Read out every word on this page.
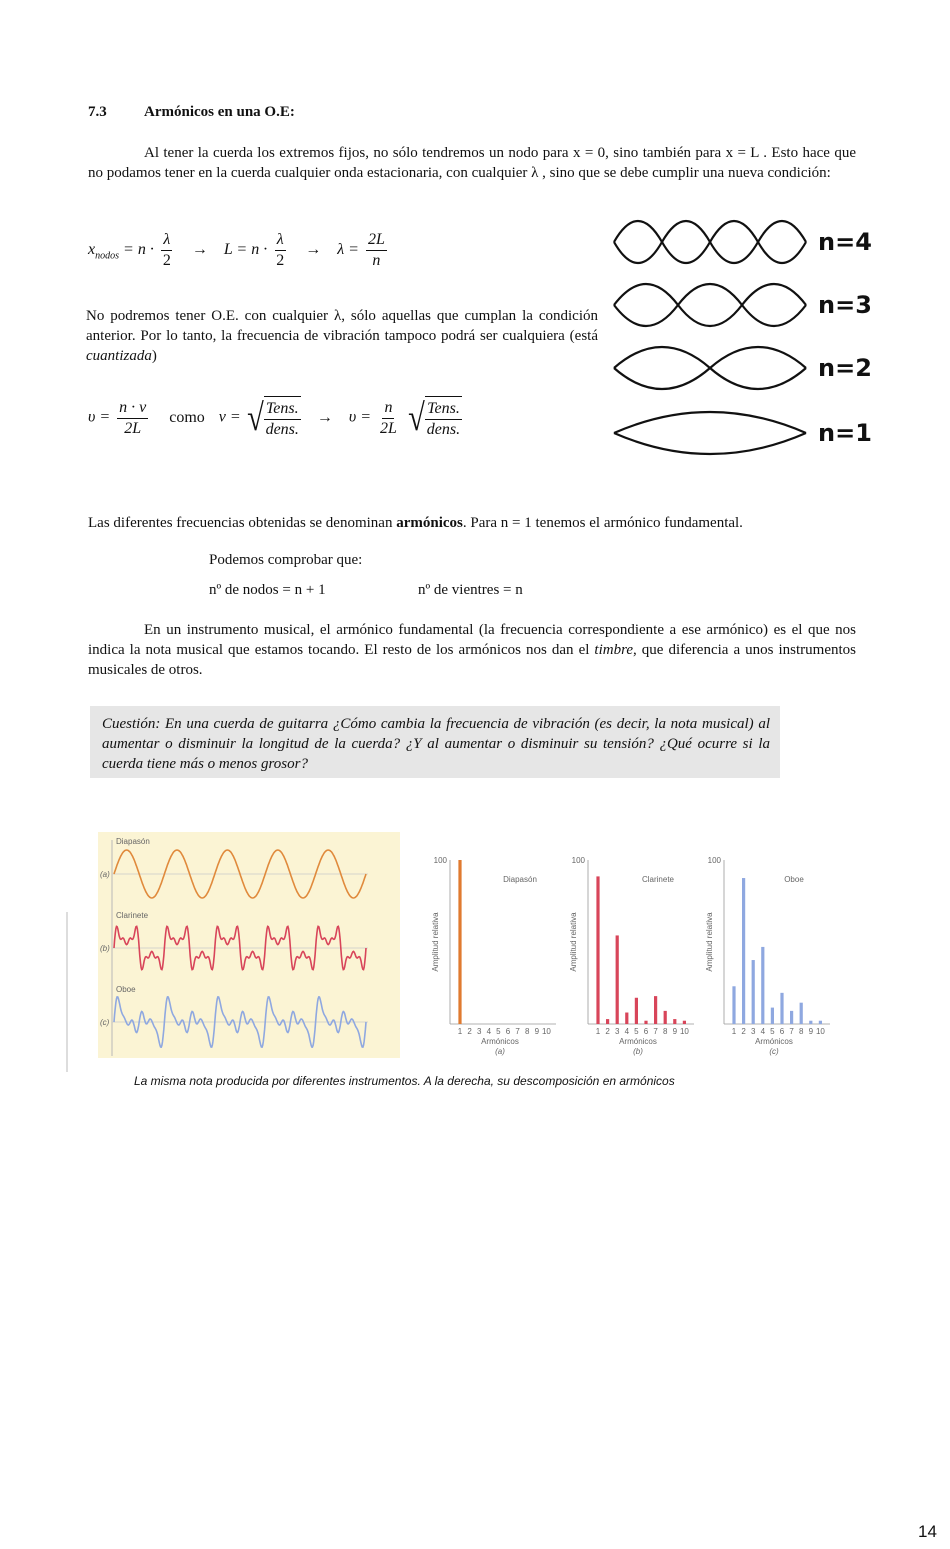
7.3 Armónicos en una O.E:
Al tener la cuerda los extremos fijos, no sólo tendremos un nodo para x = 0, sino también para x = L . Esto hace que no podamos tener en la cuerda cualquier onda estacionaria, con cualquier λ , sino que se debe cumplir una nueva condición:
$x_{nodos} = n \cdot \frac{\lambda}{2} \to L = n \cdot \frac{\lambda}{2} \to \lambda = \frac{2L}{n}$
No podremos tener O.E. con cualquier λ, sólo aquellas que cumplan la condición anterior. Por lo tanto, la frecuencia de vibración tampoco podrá ser cualquiera (está cuantizada)
$\upsilon = \frac{n \cdot v}{2L}$ como v = √ $\frac{\text{Tens.}}{\text{dens.}} \to \upsilon = \frac{n}{2L}$
√ $\frac{\text{Tens.}}{\text{dens.}}$
n=4
n=3
n=2
n=1
Las diferentes frecuencias obtenidas se denominan armónicos. Para n = 1 tenemos el armónico fundamental.
Podemos comprobar que:
nº de nodos = n + 1	nº de vientres = n
En un instrumento musical, el armónico fundamental (la frecuencia correspondiente a ese armónico) es el que nos indica la nota musical que estamos tocando. El resto de los armónicos nos dan el timbre, que diferencia a unos instrumentos musicales de otros.
Cuestión: En una cuerda de guitarra ¿Cómo cambia la frecuencia de vibración (es decir, la nota musical) al aumentar o disminuir la longitud de la cuerda? ¿Y al aumentar o disminuir su tensión? ¿Qué ocurre si la cuerda tiene más o menos grosor?
Diapasón
(a)
Clarinete
(b)
Oboe
(c)
100
Amplitud relativa
Diapasón
1 2 3 4 5 6 7 8 9 10
Armónicos
(a)
100
Amplitud relativa
Clarinete
1 2 3 4 5 6 7 8 9 10
Armónicos
(b)
100
Amplitud relativa
Oboe
1 2 3 4 5 6 7 8 9 10
Armónicos
(c)
La misma nota producida por diferentes instrumentos. A la derecha, su descomposición en armónicos
14
